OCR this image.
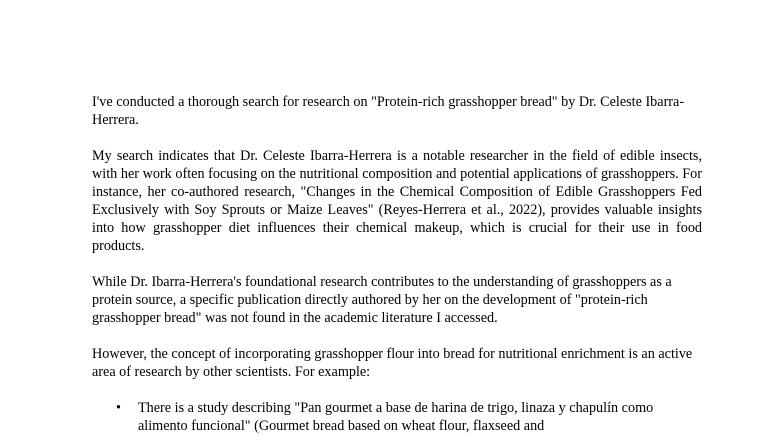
I've conducted a thorough search for research on "Protein-rich grasshopper bread" by Dr. Celeste Ibarra-Herrera.

My search indicates that Dr. Celeste Ibarra-Herrera is a notable researcher in the field of edible insects, with her work often focusing on the nutritional composition and potential applications of grasshoppers. For instance, her co-authored research, "Changes in the Chemical Composition of Edible Grasshoppers Fed Exclusively with Soy Sprouts or Maize Leaves" (Reyes-Herrera et al., 2022), provides valuable insights into how grasshopper diet influences their chemical makeup, which is crucial for their use in food products.

While Dr. Ibarra-Herrera's foundational research contributes to the understanding of grasshoppers as a protein source, a specific publication directly authored by her on the development of "protein-rich grasshopper bread" was not found in the academic literature I accessed.

However, the concept of incorporating grasshopper flour into bread for nutritional enrichment is an active area of research by other scientists. For example:

• There is a study describing "Pan gourmet a base de harina de trigo, linaza y chapulín como alimento funcional" (Gourmet bread based on wheat flour, flaxseed and
